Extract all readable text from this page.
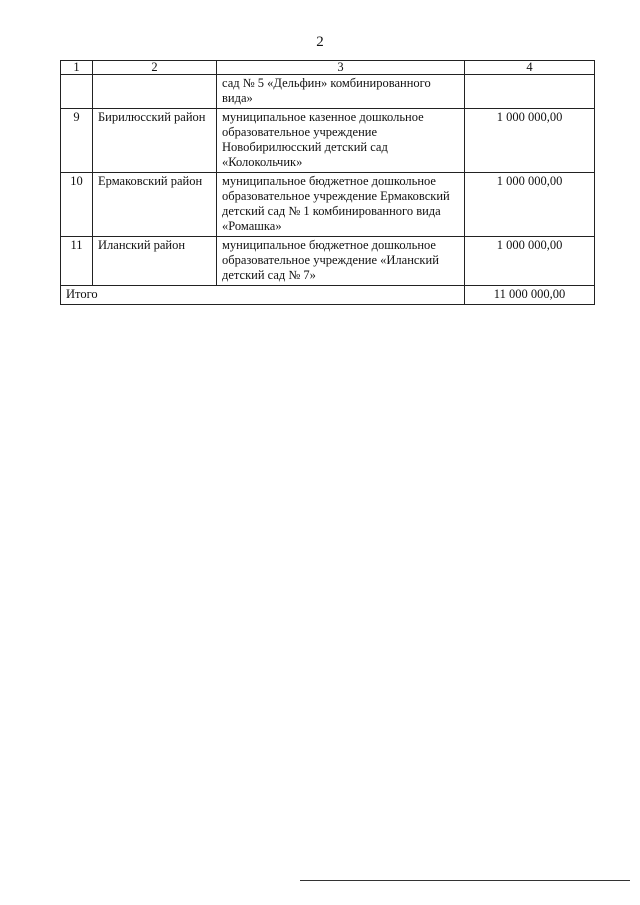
2
1	2	3	4
		сад № 5 «Дельфин» комбинированного вида»	
9	Бирилюсский район	муниципальное казенное дошкольное образовательное учреждение Новобирилюсский детский сад «Колокольчик»	1 000 000,00
10	Ермаковский район	муниципальное бюджетное дошкольное образовательное учреждение Ермаковский детский сад № 1 комбинированного вида «Ромашка»	1 000 000,00
11	Иланский район	муниципальное бюджетное дошкольное образовательное учреждение «Иланский детский сад № 7»	1 000 000,00
Итого			11 000 000,00
